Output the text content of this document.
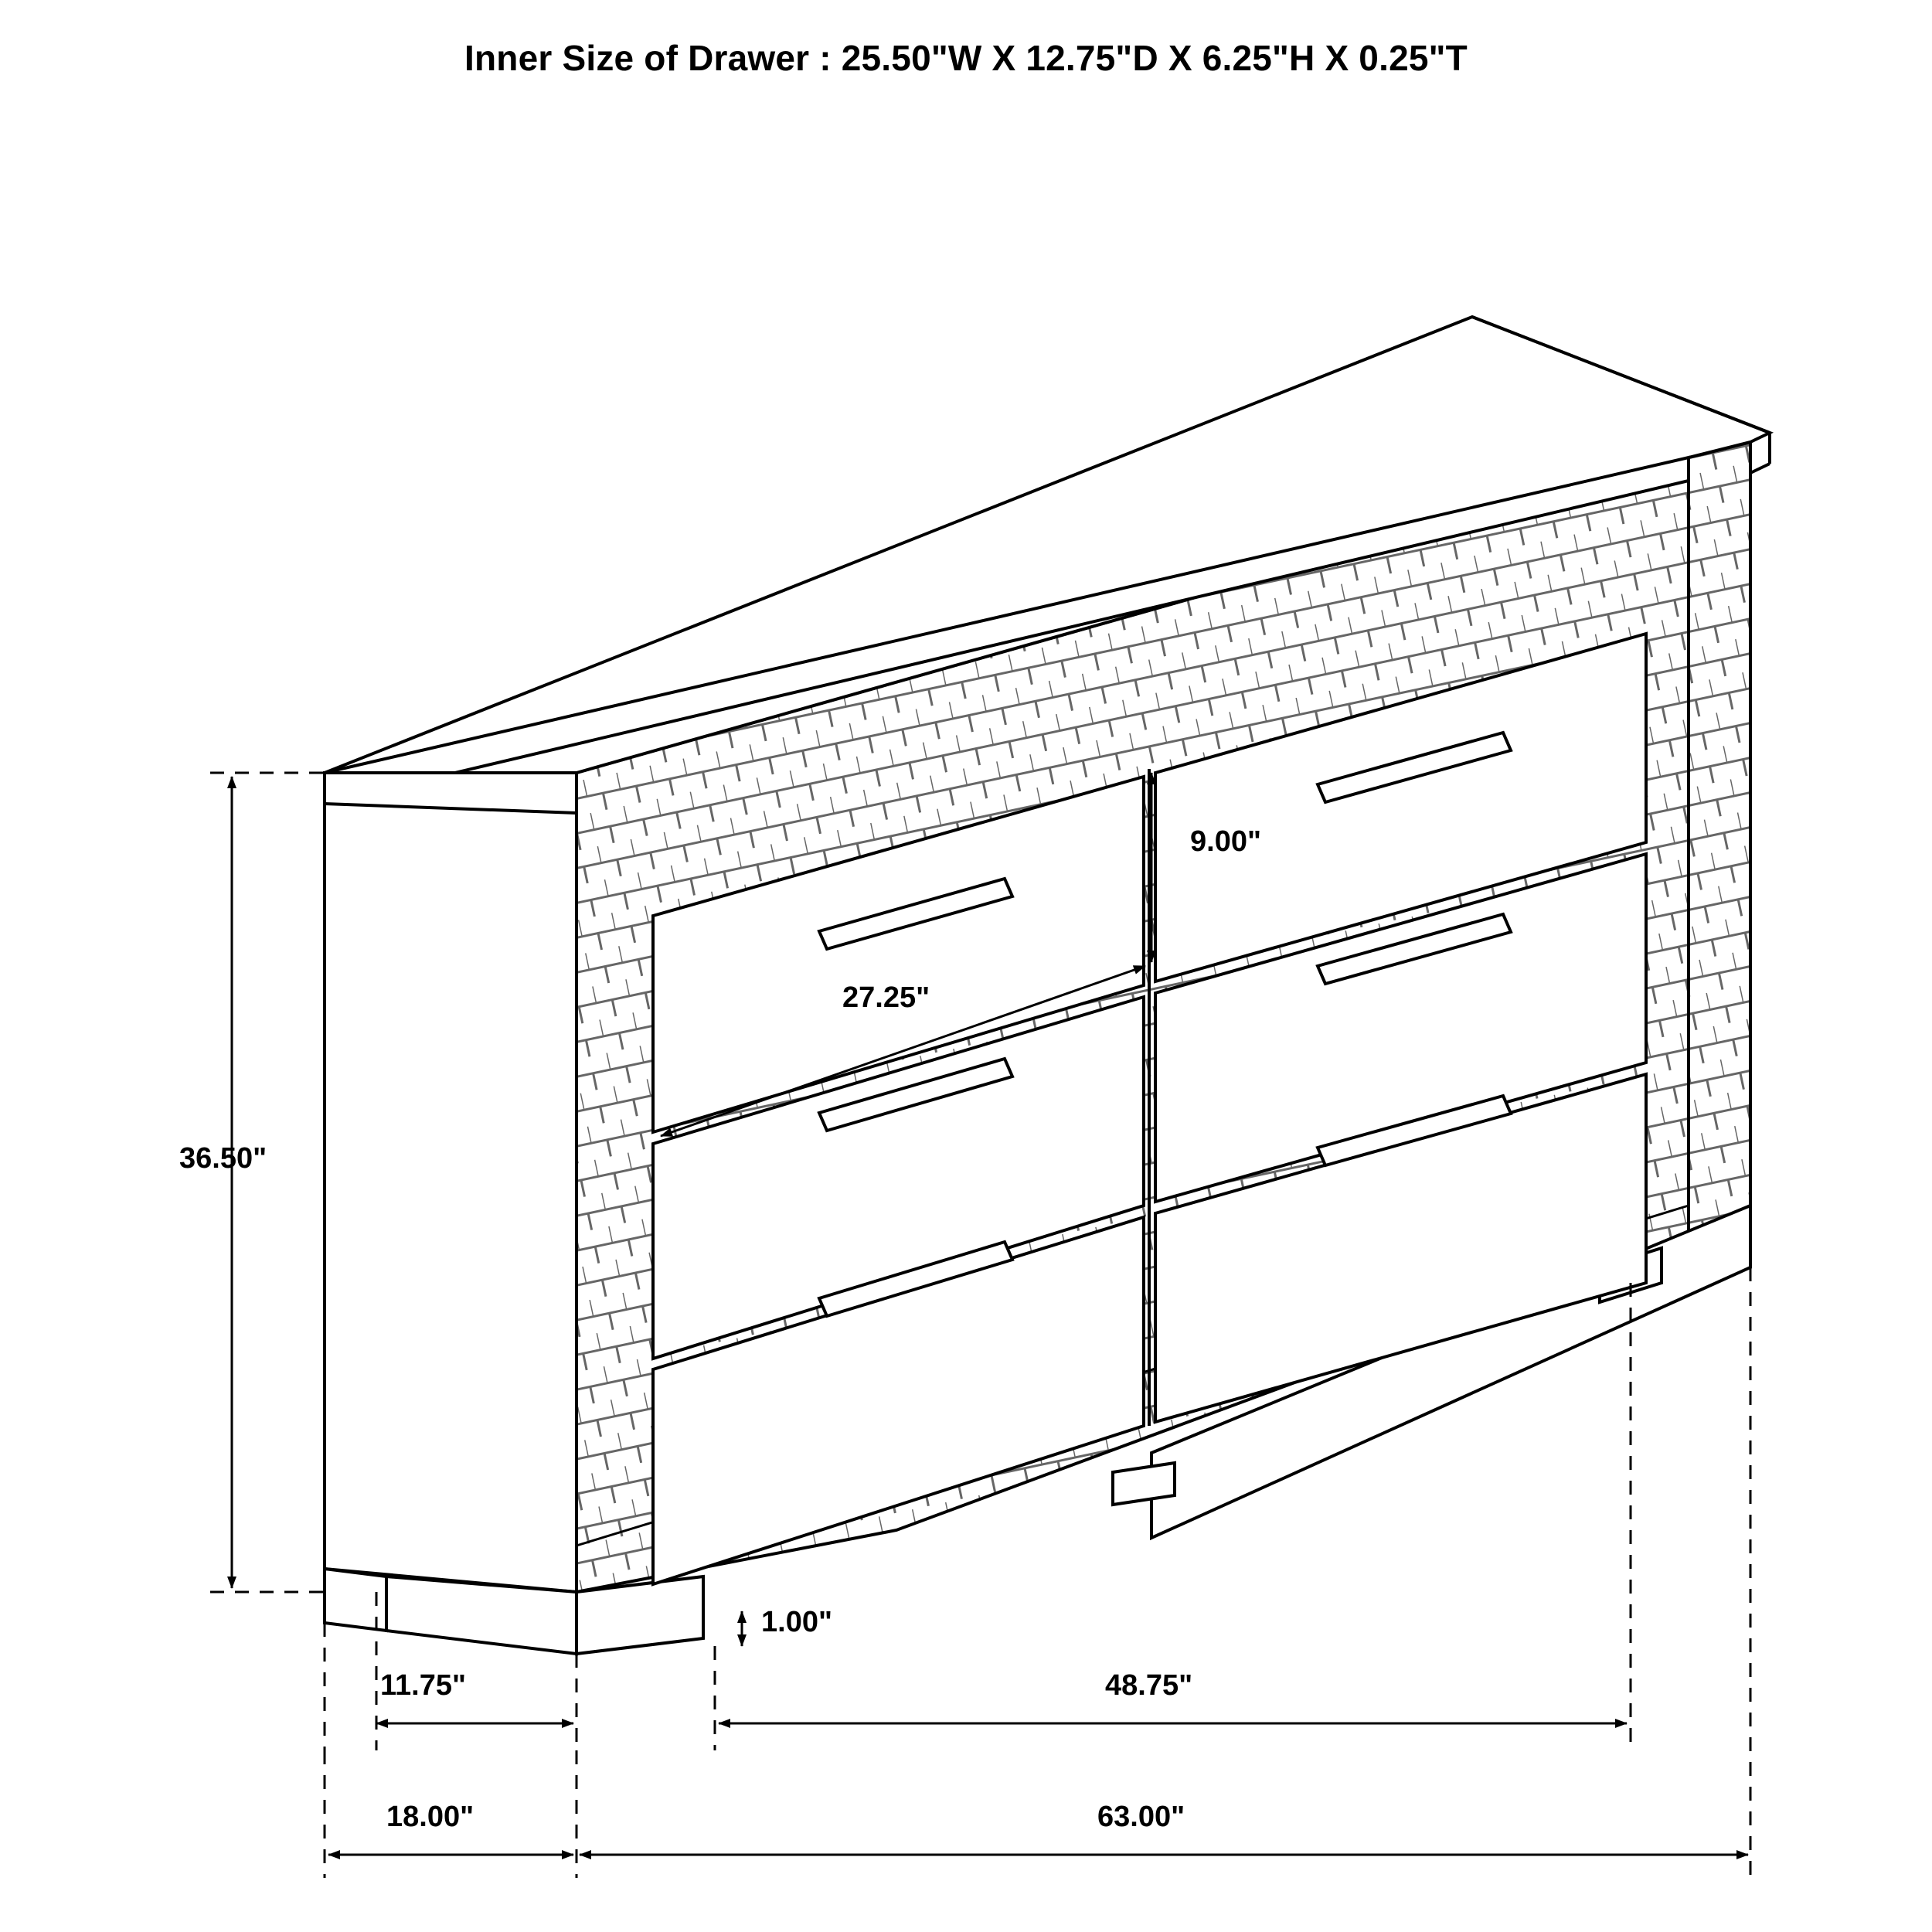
Inner Size of Drawer : 25.50"W X 12.75"D X 6.25"H X 0.25"T
36.50"
9.00"
27.25"
1.00"
11.75"	48.75"
18.00"	63.00"
